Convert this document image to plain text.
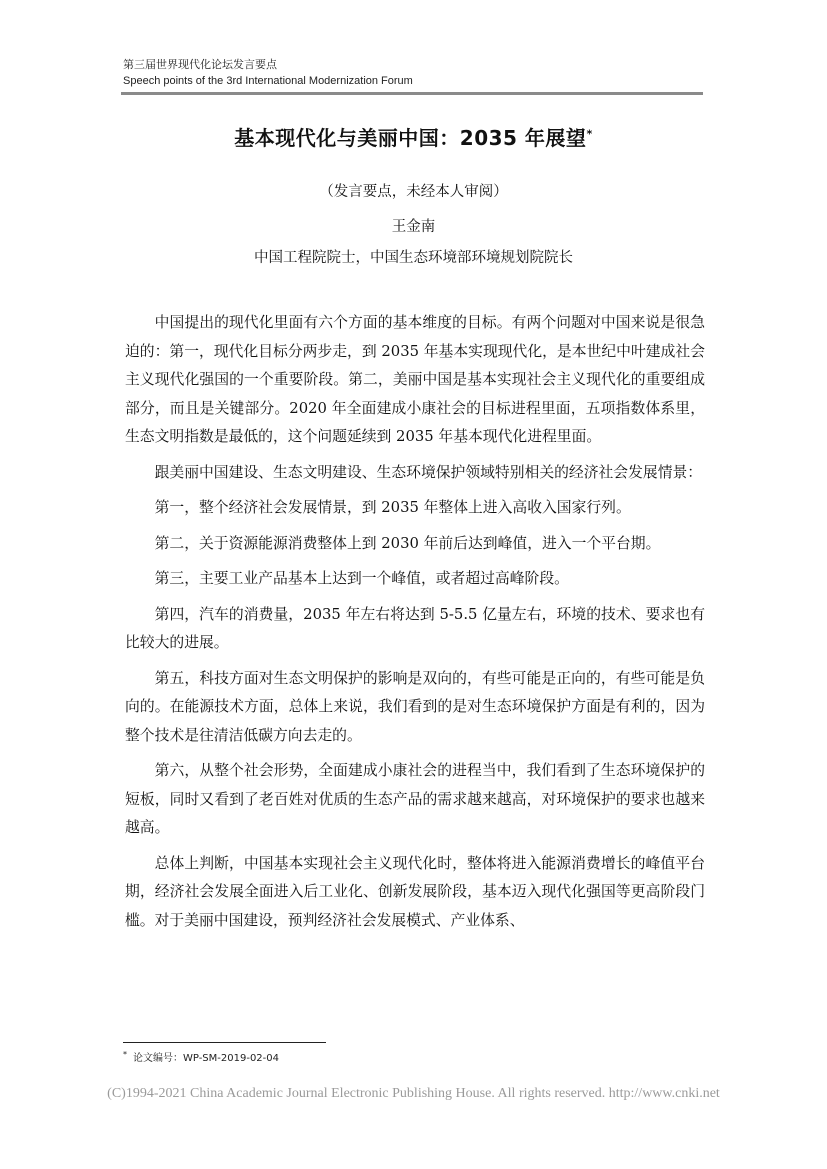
第三届世界现代化论坛发言要点
Speech points of the 3rd International Modernization Forum
基本现代化与美丽中国：2035 年展望*
（发言要点，未经本人审阅）
王金南
中国工程院院士，中国生态环境部环境规划院院长

中国提出的现代化里面有六个方面的基本维度的目标。有两个问题对中国来说是很急迫的：第一，现代化目标分两步走，到 2035 年基本实现现代化，是本世纪中叶建成社会主义现代化强国的一个重要阶段。第二，美丽中国是基本实现社会主义现代化的重要组成部分，而且是关键部分。2020 年全面建成小康社会的目标进程里面，五项指数体系里，生态文明指数是最低的，这个问题延续到 2035 年基本现代化进程里面。

跟美丽中国建设、生态文明建设、生态环境保护领域特别相关的经济社会发展情景：

第一，整个经济社会发展情景，到 2035 年整体上进入高收入国家行列。

第二，关于资源能源消费整体上到 2030 年前后达到峰值，进入一个平台期。

第三，主要工业产品基本上达到一个峰值，或者超过高峰阶段。

第四，汽车的消费量，2035 年左右将达到 5-5.5 亿量左右，环境的技术、要求也有比较大的进展。

第五，科技方面对生态文明保护的影响是双向的，有些可能是正向的，有些可能是负向的。在能源技术方面，总体上来说，我们看到的是对生态环境保护方面是有利的，因为整个技术是往清洁低碳方向去走的。

第六，从整个社会形势，全面建成小康社会的进程当中，我们看到了生态环境保护的短板，同时又看到了老百姓对优质的生态产品的需求越来越高，对环境保护的要求也越来越高。

总体上判断，中国基本实现社会主义现代化时，整体将进入能源消费增长的峰值平台期，经济社会发展全面进入后工业化、创新发展阶段，基本迈入现代化强国等更高阶段门槛。对于美丽中国建设，预判经济社会发展模式、产业体系、

* 论文编号：WP-SM-2019-02-04
(C)1994-2021 China Academic Journal Electronic Publishing House. All rights reserved. http://www.cnki.net
